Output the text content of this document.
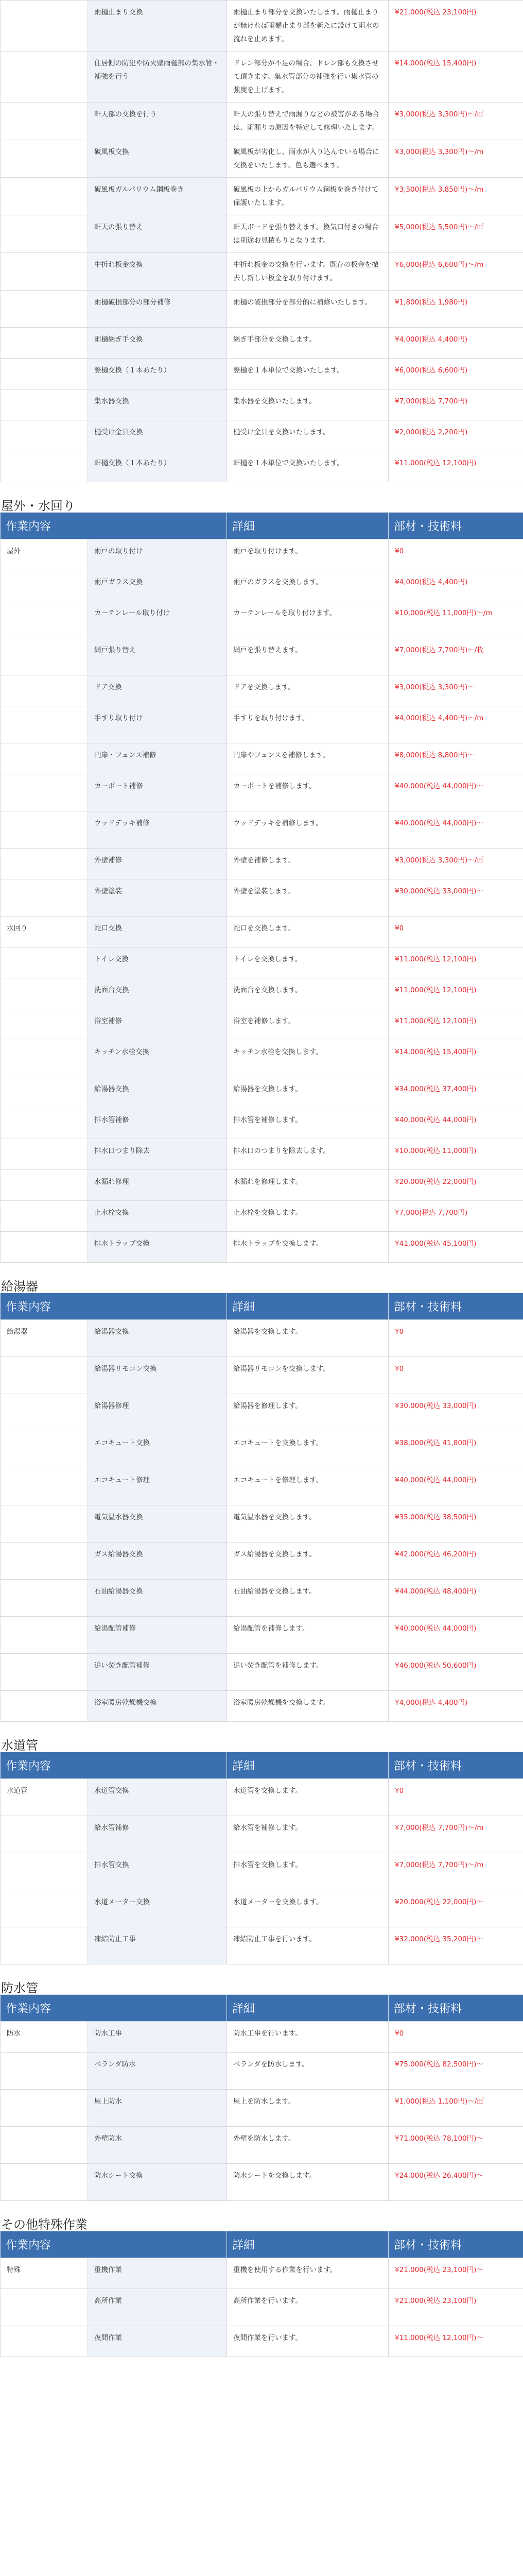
	雨樋止まり交換	雨樋止まり部分を交換いたします。雨樋止まりが無ければ雨樋止まり部を新たに設けて雨水の流れを止めます。	¥21,000(税込 23,100円)
	住居側の防犯や防火壁雨樋部の集水管・補強を行う	ドレン部分が不足の場合、ドレン部も交換させて頂きます。集水管部分の補強を行い集水管の強度を上げます。	¥14,000(税込 15,400円)
	軒天部の交換を行う	軒天の張り替えで雨漏りなどの被害がある場合は、雨漏りの原因を特定して修理いたします。	¥3,000(税込 3,300円)〜/㎡
	破風板交換	破風板が劣化し、雨水が入り込んでいる場合に交換をいたします。色も選べます。	¥3,000(税込 3,300円)〜/m
	破風板ガルバリウム鋼板巻き	破風板の上からガルバリウム鋼板を巻き付けて保護いたします。	¥3,500(税込 3,850円)〜/m
	軒天の張り替え	軒天ボードを張り替えます。換気口付きの場合は別途お見積もりとなります。	¥5,000(税込 5,500円)〜/㎡
	中折れ板金交換	中折れ板金の交換を行います。既存の板金を撤去し新しい板金を取り付けます。	¥6,000(税込 6,600円)〜/m
	雨樋破損部分の部分補修	雨樋の破損部分を部分的に補修いたします。	¥1,800(税込 1,980円)
	雨樋継ぎ手交換	継ぎ手部分を交換します。	¥4,000(税込 4,400円)
	竪樋交換（１本あたり）	竪樋を１本単位で交換いたします。	¥6,000(税込 6,600円)
	集水器交換	集水器を交換いたします。	¥7,000(税込 7,700円)
	樋受け金具交換	樋受け金具を交換いたします。	¥2,000(税込 2,200円)
	軒樋交換（１本あたり）	軒樋を１本単位で交換いたします。	¥11,000(税込 12,100円)
屋外・水回り
作業内容		詳細	部材・技術料
屋外	雨戸の取り付け	雨戸を取り付けます。	¥0
	雨戸ガラス交換	雨戸のガラスを交換します。	¥4,000(税込 4,400円)
	カーテンレール取り付け	カーテンレールを取り付けます。	¥10,000(税込 11,000円)〜/m
	網戸張り替え	網戸を張り替えます。	¥7,000(税込 7,700円)〜/枚
	ドア交換	ドアを交換します。	¥3,000(税込 3,300円)〜
	手すり取り付け	手すりを取り付けます。	¥4,000(税込 4,400円)〜/m
	門扉・フェンス補修	門扉やフェンスを補修します。	¥8,000(税込 8,800円)〜
	カーポート補修	カーポートを補修します。	¥40,000(税込 44,000円)〜
	ウッドデッキ補修	ウッドデッキを補修します。	¥40,000(税込 44,000円)〜
	外壁補修	外壁を補修します。	¥3,000(税込 3,300円)〜/㎡
	外壁塗装	外壁を塗装します。	¥30,000(税込 33,000円)〜
水回り	蛇口交換	蛇口を交換します。	¥0
	トイレ交換	トイレを交換します。	¥11,000(税込 12,100円)
	洗面台交換	洗面台を交換します。	¥11,000(税込 12,100円)
	浴室補修	浴室を補修します。	¥11,000(税込 12,100円)
	キッチン水栓交換	キッチン水栓を交換します。	¥14,000(税込 15,400円)
	給湯器交換	給湯器を交換します。	¥34,000(税込 37,400円)
	排水管補修	排水管を補修します。	¥40,000(税込 44,000円)
	排水口つまり除去	排水口のつまりを除去します。	¥10,000(税込 11,000円)
	水漏れ修理	水漏れを修理します。	¥20,000(税込 22,000円)
	止水栓交換	止水栓を交換します。	¥7,000(税込 7,700円)
	排水トラップ交換	排水トラップを交換します。	¥41,000(税込 45,100円)
給湯器
作業内容		詳細	部材・技術料
給湯器	給湯器交換	給湯器を交換します。	¥0
	給湯器リモコン交換	給湯器リモコンを交換します。	¥0
	給湯器修理	給湯器を修理します。	¥30,000(税込 33,000円)
	エコキュート交換	エコキュートを交換します。	¥38,000(税込 41,800円)
	エコキュート修理	エコキュートを修理します。	¥40,000(税込 44,000円)
	電気温水器交換	電気温水器を交換します。	¥35,000(税込 38,500円)
	ガス給湯器交換	ガス給湯器を交換します。	¥42,000(税込 46,200円)
	石油給湯器交換	石油給湯器を交換します。	¥44,000(税込 48,400円)
	給湯配管補修	給湯配管を補修します。	¥40,000(税込 44,000円)
	追い焚き配管補修	追い焚き配管を補修します。	¥46,000(税込 50,600円)
	浴室暖房乾燥機交換	浴室暖房乾燥機を交換します。	¥4,000(税込 4,400円)
水道管
作業内容		詳細	部材・技術料
水道管	水道管交換	水道管を交換します。	¥0
	給水管補修	給水管を補修します。	¥7,000(税込 7,700円)〜/m
	排水管交換	排水管を交換します。	¥7,000(税込 7,700円)〜/m
	水道メーター交換	水道メーターを交換します。	¥20,000(税込 22,000円)〜
	凍結防止工事	凍結防止工事を行います。	¥32,000(税込 35,200円)〜
防水管
作業内容		詳細	部材・技術料
防水	防水工事	防水工事を行います。	¥0
	ベランダ防水	ベランダを防水します。	¥75,000(税込 82,500円)〜
	屋上防水	屋上を防水します。	¥1,000(税込 1,100円)〜/㎡
	外壁防水	外壁を防水します。	¥71,000(税込 78,100円)〜
	防水シート交換	防水シートを交換します。	¥24,000(税込 26,400円)〜
その他特殊作業
作業内容		詳細	部材・技術料
特殊	重機作業	重機を使用する作業を行います。	¥21,000(税込 23,100円)〜
	高所作業	高所作業を行います。	¥21,000(税込 23,100円)
	夜間作業	夜間作業を行います。	¥11,000(税込 12,100円)〜
